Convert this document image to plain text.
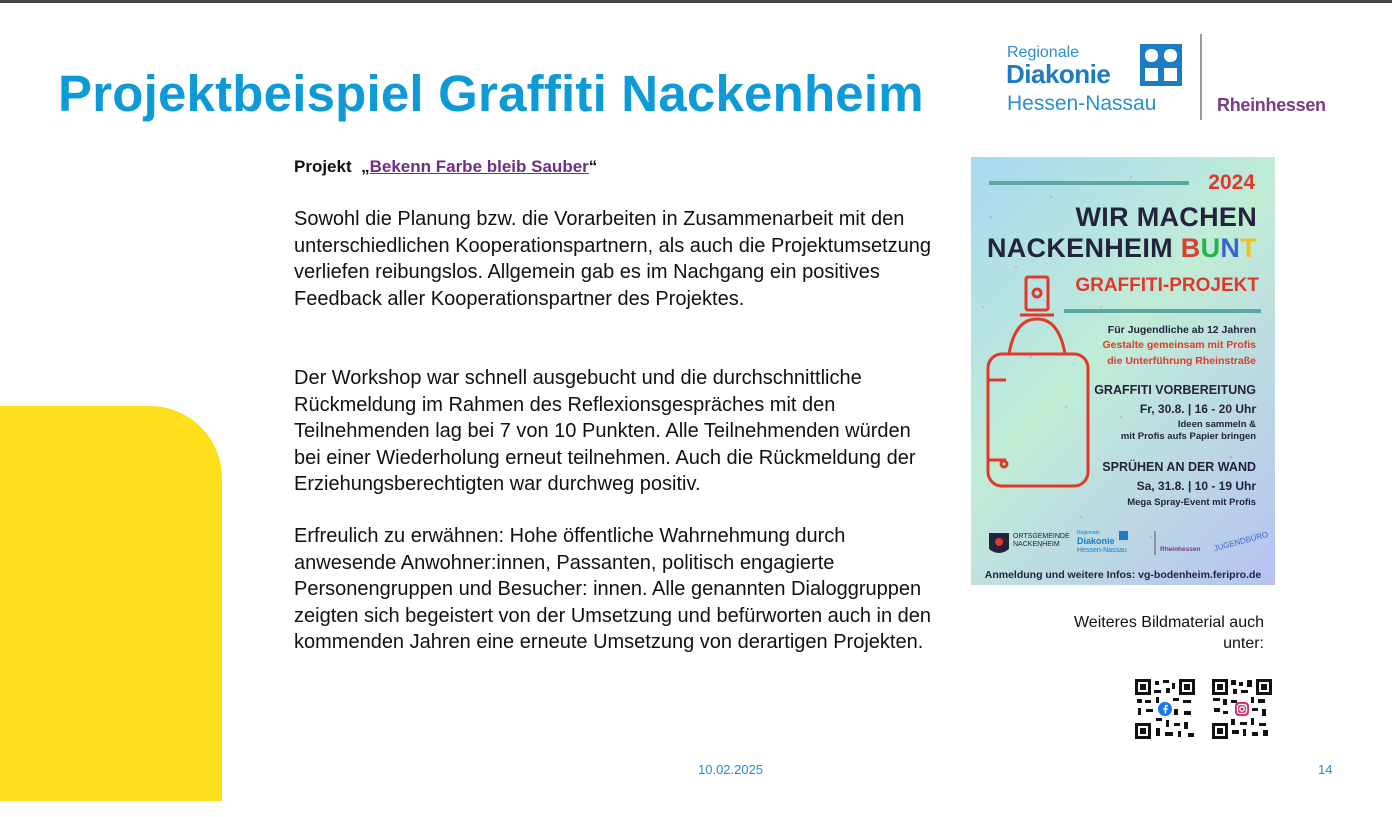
Projektbeispiel Graffiti Nackenheim
Regionale
Diakonie
Hessen-Nassau	Rheinhessen
Projekt „Bekenn Farbe bleib Sauber“
Sowohl die Planung bzw. die Vorarbeiten in Zusammenarbeit mit den unterschiedlichen Kooperationspartnern, als auch die Projektumsetzung verliefen reibungslos. Allgemein gab es im Nachgang ein positives Feedback aller Kooperationspartner des Projektes.
Der Workshop war schnell ausgebucht und die durchschnittliche Rückmeldung im Rahmen des Reflexionsgespräches mit den Teilnehmenden lag bei 7 von 10 Punkten. Alle Teilnehmenden würden bei einer Wiederholung erneut teilnehmen. Auch die Rückmeldung der Erziehungsberechtigten war durchweg positiv.
Erfreulich zu erwähnen: Hohe öffentliche Wahrnehmung durch anwesende Anwohner:innen, Passanten, politisch engagierte Personengruppen und Besucher: innen. Alle genannten Dialoggruppen zeigten sich begeistert von der Umsetzung und befürworten auch in den kommenden Jahren eine erneute Umsetzung von derartigen Projekten.
2024
WIR MACHEN
NACKENHEIM BUNT
GRAFFITI-PROJEKT
Für Jugendliche ab 12 Jahren
Gestalte gemeinsam mit Profis
die Unterführung Rheinstraße
GRAFFITI VORBEREITUNG
Fr, 30.8. | 16 - 20 Uhr
Ideen sammeln &
mit Profis aufs Papier bringen
SPRÜHEN AN DER WAND
Sa, 31.8. | 10 - 19 Uhr
Mega Spray-Event mit Profis
ORTSGEMEINDE
NACKENHEIM
Regionale
Diakonie
Hessen-Nassau	Rheinhessen JUGENDBÜRO
Anmeldung und weitere Infos: vg-bodenheim.feripro.de
Weiteres Bildmaterial auch unter:
10.02.2025	14
